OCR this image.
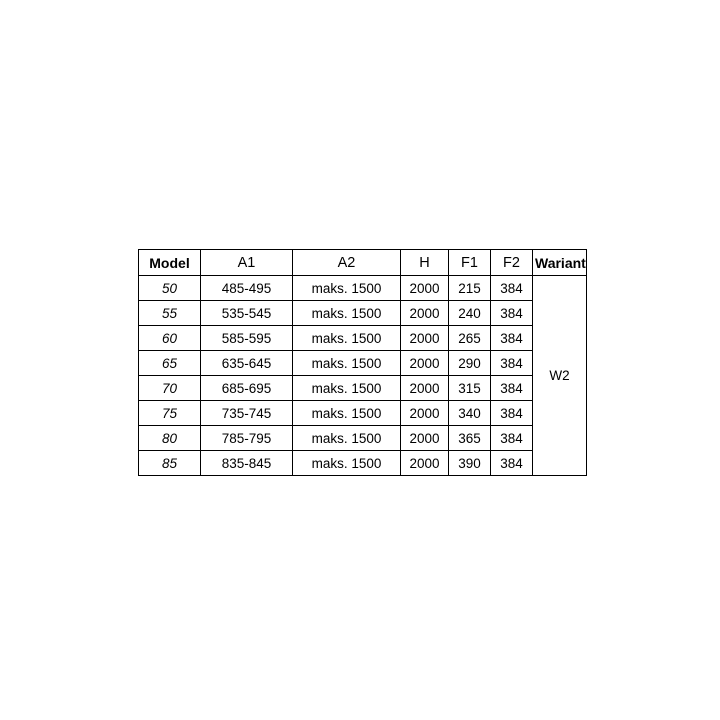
Model	A1	A2	H	F1	F2	Wariant
50	485-495	maks. 1500	2000	215	384	W2
55	535-545	maks. 1500	2000	240	384	
60	585-595	maks. 1500	2000	265	384	
65	635-645	maks. 1500	2000	290	384	
70	685-695	maks. 1500	2000	315	384	
75	735-745	maks. 1500	2000	340	384	
80	785-795	maks. 1500	2000	365	384	
85	835-845	maks. 1500	2000	390	384	
